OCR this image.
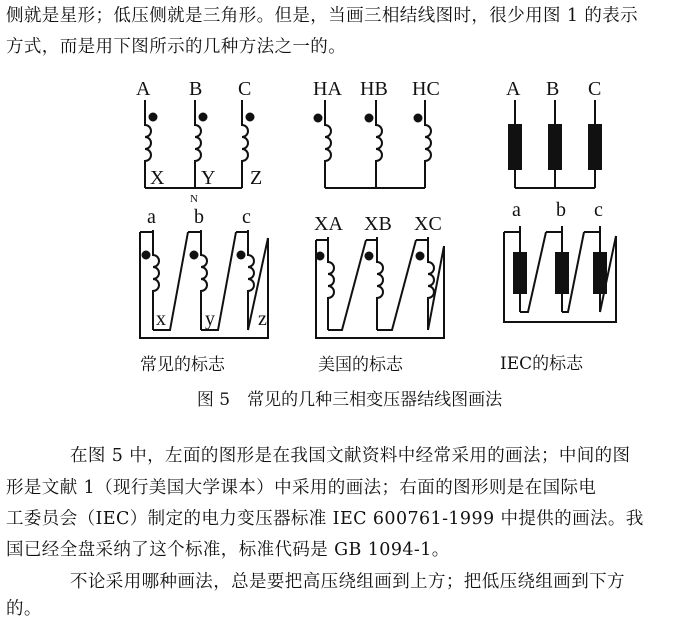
侧就是星形；低压侧就是三角形。但是，当画三相结线图时，很少用图 1 的表示

方式，而是用下图所示的几种方法之一的。

A B C
X Y Z
N
a b c
x y z
常见的标志
HA HB HC
XA XB XC
美国的标志
A B C
a b c
IEC的标志
图 5　常见的几种三相变压器结线图画法

在图 5 中，左面的图形是在我国文献资料中经常采用的画法；中间的图

形是文献 1（现行美国大学课本）中采用的画法；右面的图形则是在国际电

工委员会（IEC）制定的电力变压器标准 IEC 600761-1999 中提供的画法。我

国已经全盘采纳了这个标准，标准代码是 GB 1094-1。

不论采用哪种画法，总是要把高压绕组画到上方；把低压绕组画到下方

的。
